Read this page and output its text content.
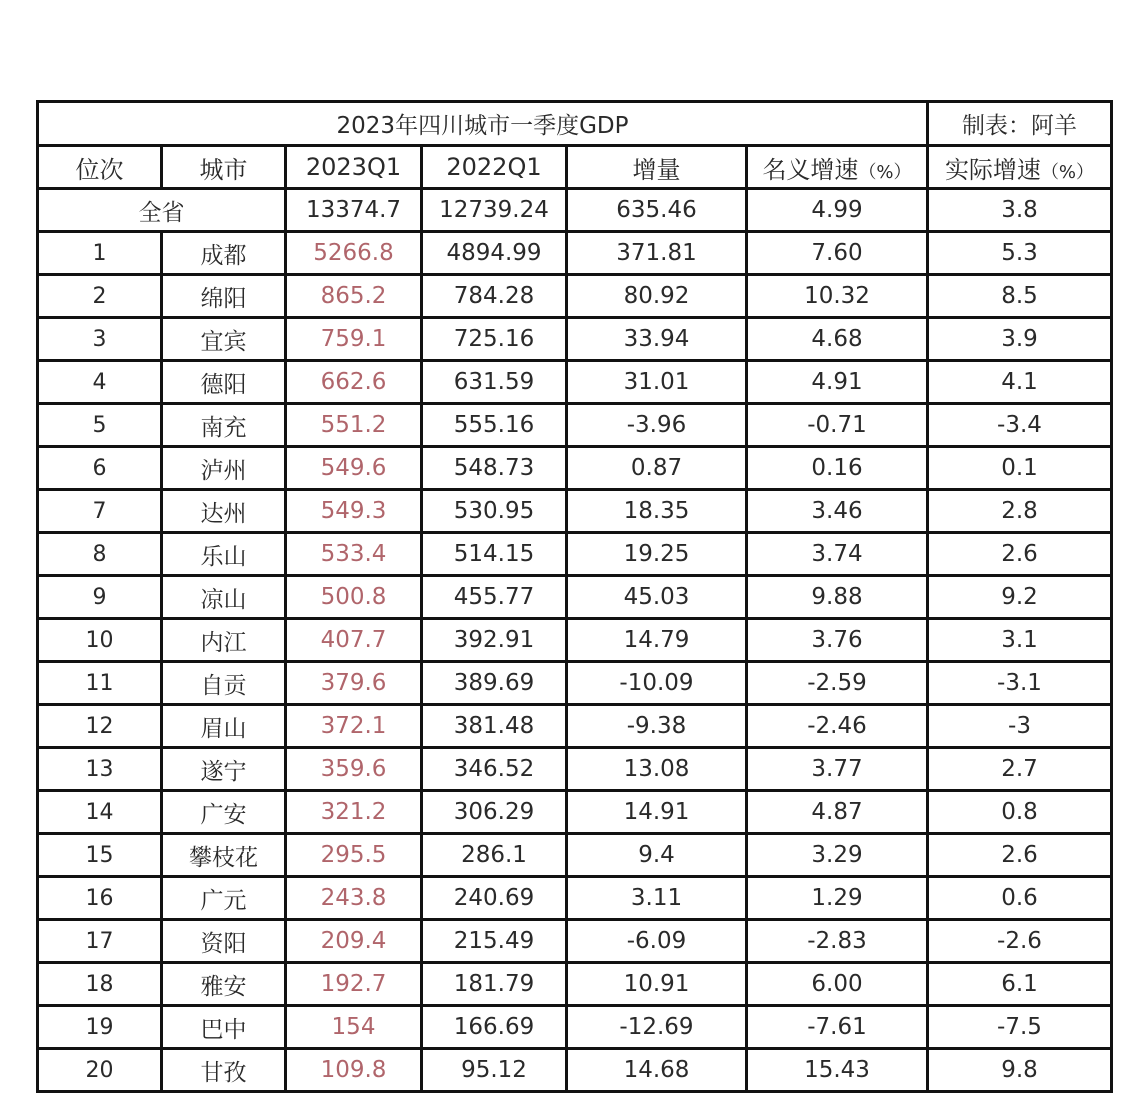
2023年四川城市一季度GDP						制表：阿羊
位次	城市	2023Q1	2022Q1	增量	名义增速（%）	实际增速（%）
全省		13374.7	12739.24	635.46	4.99	3.8
1	成都	5266.8	4894.99	371.81	7.60	5.3
2	绵阳	865.2	784.28	80.92	10.32	8.5
3	宜宾	759.1	725.16	33.94	4.68	3.9
4	德阳	662.6	631.59	31.01	4.91	4.1
5	南充	551.2	555.16	-3.96	-0.71	-3.4
6	泸州	549.6	548.73	0.87	0.16	0.1
7	达州	549.3	530.95	18.35	3.46	2.8
8	乐山	533.4	514.15	19.25	3.74	2.6
9	凉山	500.8	455.77	45.03	9.88	9.2
10	内江	407.7	392.91	14.79	3.76	3.1
11	自贡	379.6	389.69	-10.09	-2.59	-3.1
12	眉山	372.1	381.48	-9.38	-2.46	-3
13	遂宁	359.6	346.52	13.08	3.77	2.7
14	广安	321.2	306.29	14.91	4.87	0.8
15	攀枝花	295.5	286.1	9.4	3.29	2.6
16	广元	243.8	240.69	3.11	1.29	0.6
17	资阳	209.4	215.49	-6.09	-2.83	-2.6
18	雅安	192.7	181.79	10.91	6.00	6.1
19	巴中	154	166.69	-12.69	-7.61	-7.5
20	甘孜	109.8	95.12	14.68	15.43	9.8
